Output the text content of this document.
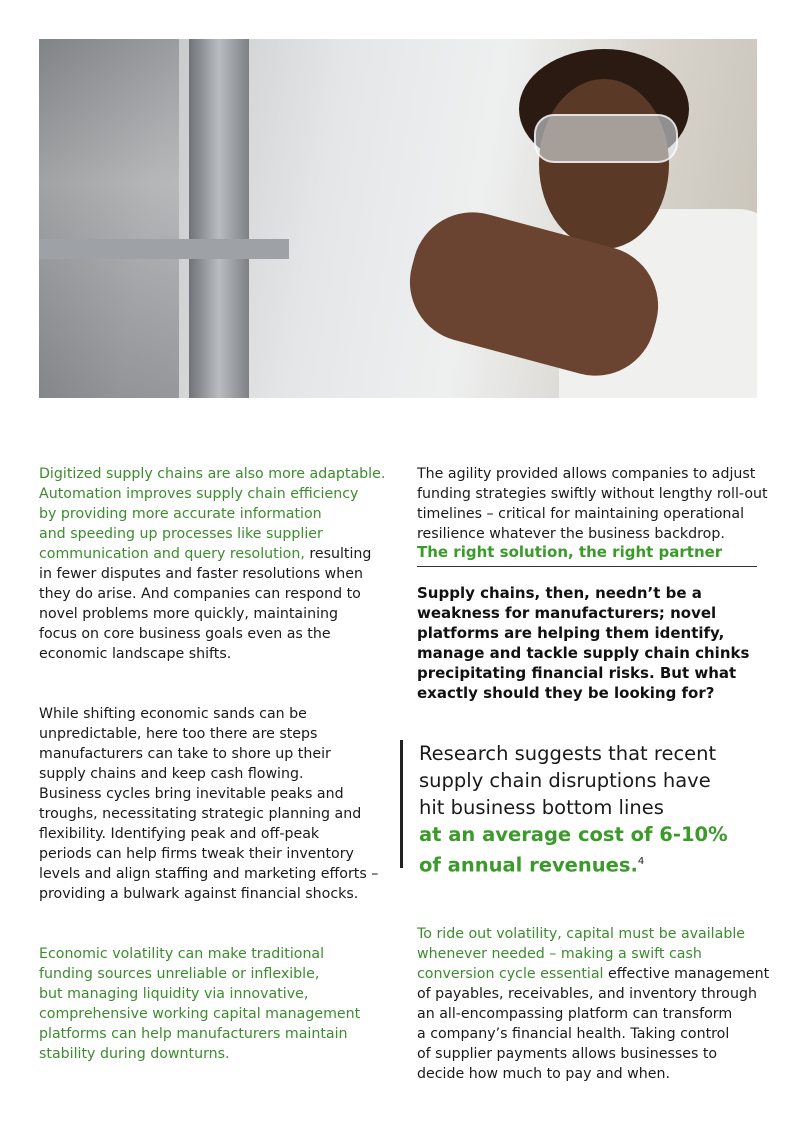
Digitized supply chains are also more adaptable.
Automation improves supply chain efficiency
by providing more accurate information
and speeding up processes like supplier
communication and query resolution, resulting
in fewer disputes and faster resolutions when
they do arise. And companies can respond to
novel problems more quickly, maintaining
focus on core business goals even as the
economic landscape shifts.

While shifting economic sands can be
unpredictable, here too there are steps
manufacturers can take to shore up their
supply chains and keep cash flowing.
Business cycles bring inevitable peaks and
troughs, necessitating strategic planning and
flexibility. Identifying peak and off-peak
periods can help firms tweak their inventory
levels and align staffing and marketing efforts –
providing a bulwark against financial shocks.

Economic volatility can make traditional
funding sources unreliable or inflexible,
but managing liquidity via innovative,
comprehensive working capital management
platforms can help manufacturers maintain
stability during downturns.

The agility provided allows companies to adjust
funding strategies swiftly without lengthy roll-out
timelines – critical for maintaining operational
resilience whatever the business backdrop.

The right solution, the right partner
Supply chains, then, needn’t be a
weakness for manufacturers; novel
platforms are helping them identify,
manage and tackle supply chain chinks
precipitating financial risks. But what
exactly should they be looking for?
Research suggests that recent
supply chain disruptions have
hit business bottom lines
at an average cost of 6-10%
of annual revenues.$^4$

To ride out volatility, capital must be available
whenever needed – making a swift cash
conversion cycle essential effective management
of payables, receivables, and inventory through
an all-encompassing platform can transform
a company’s financial health. Taking control
of supplier payments allows businesses to
decide how much to pay and when.
